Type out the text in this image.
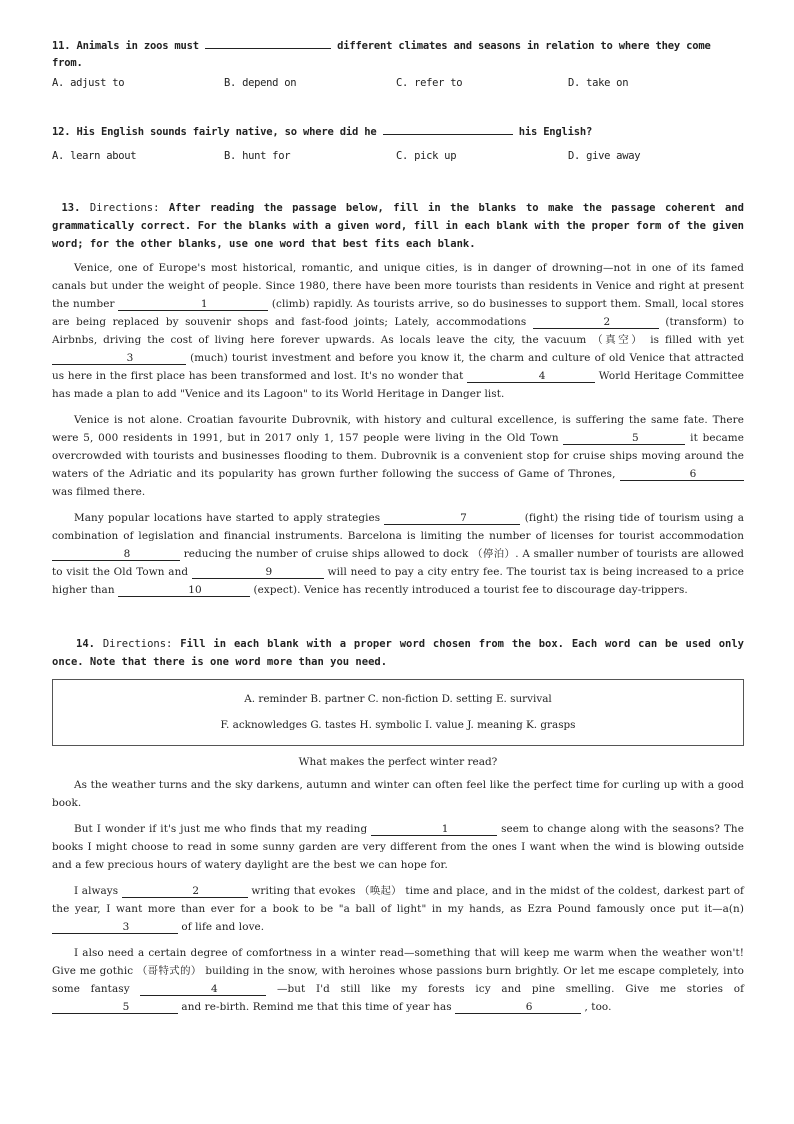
11. Animals in zoos must	different climates and seasons in relation to where they come from.
A. adjust to	B. depend on	C. refer to	D. take on
12. His English sounds fairly native, so where did he	his English?
A. learn about	B. hunt for	C. pick up	D. give away
13. Directions: After reading the passage below, fill in the blanks to make the passage coherent and grammatically correct. For the blanks with a given word, fill in each blank with the proper form of the given word; for the other blanks, use one word that best fits each blank.

Venice, one of Europe's most historical, romantic, and unique cities, is in danger of drowning—not in one of its famed canals but under the weight of people. Since 1980, there have been more tourists than residents in Venice and right at present the number	1	(climb) rapidly. As tourists arrive, so do businesses to support them. Small, local stores are being replaced by souvenir shops and fast-food joints; Lately, accommodations	2	(transform) to Airbnbs, driving the cost of living here forever upwards. As locals leave the city, the vacuum （真空） is filled with yet 3	(much) tourist investment and before you know it, the charm and culture of old Venice that attracted us here in the first place has been transformed and lost. It's no wonder that	4	World Heritage Committee has made a plan to add "Venice and its Lagoon" to its World Heritage in Danger list.

Venice is not alone. Croatian favourite Dubrovnik, with history and cultural excellence, is suffering the same fate. There were 5, 000 residents in 1991, but in 2017 only 1, 157 people were living in the Old Town	5	it became overcrowded with tourists and businesses flooding to them. Dubrovnik is a convenient stop for cruise ships moving around the waters of the Adriatic and its popularity has grown further following the success of Game of Thrones,	6 was filmed there.

Many popular locations have started to apply strategies	7	(fight) the rising tide of tourism using a combination of legislation and financial instruments. Barcelona is limiting the number of licenses for tourist accommodation 8	reducing the number of cruise ships allowed to dock （停泊）. A smaller number of tourists are allowed to visit the Old Town and	9	will need to pay a city entry fee. The tourist tax is being increased to a price higher than	10	(expect). Venice has recently introduced a tourist fee to discourage day-trippers.

14. Directions: Fill in each blank with a proper word chosen from the box. Each word can be used only once. Note that there is one word more than you need.
A. reminder B. partner C. non-fiction D. setting E. survival
F. acknowledges G. tastes H. symbolic I. value J. meaning K. grasps
What makes the perfect winter read?

As the weather turns and the sky darkens, autumn and winter can often feel like the perfect time for curling up with a good book.

But I wonder if it's just me who finds that my reading	1	seem to change along with the seasons? The books I might choose to read in some sunny garden are very different from the ones I want when the wind is blowing outside and a few precious hours of watery daylight are the best we can hope for.

I always	2	writing that evokes （唤起） time and place, and in the midst of the coldest, darkest part of the year, I want more than ever for a book to be "a ball of light" in my hands, as Ezra Pound famously once put it—a(n) 3	of life and love.

I also need a certain degree of comfortness in a winter read—something that will keep me warm when the weather won't! Give me gothic （哥特式的） building in the snow, with heroines whose passions burn brightly. Or let me escape completely, into some fantasy	4	—but I'd still like my forests icy and pine smelling. Give me stories of 5	and re-birth. Remind me that this time of year has	6	, too.
